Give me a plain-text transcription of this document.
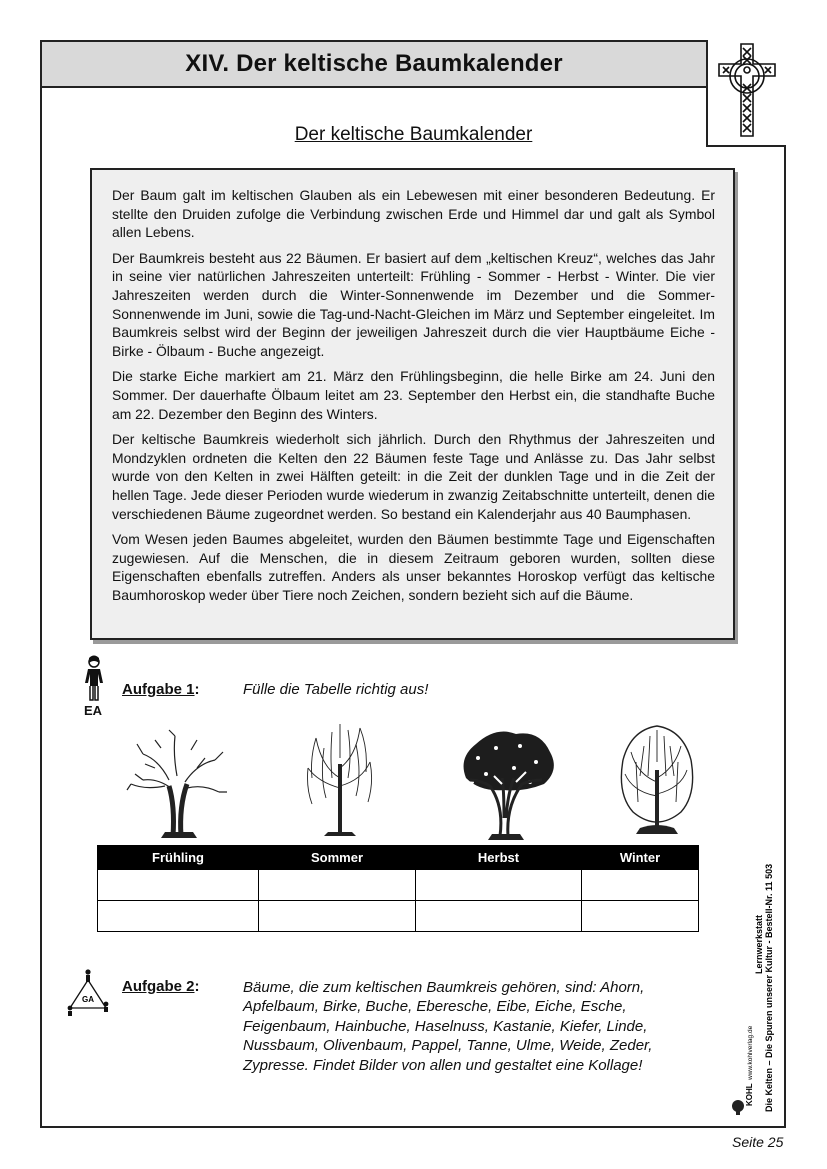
XIV. Der keltische Baumkalender
Der keltische Baumkalender

Der Baum galt im keltischen Glauben als ein Lebewesen mit einer besonderen Bedeutung. Er stellte den Druiden zufolge die Verbindung zwischen Erde und Himmel dar und galt als Symbol allen Lebens.

Der Baumkreis besteht aus 22 Bäumen. Er basiert auf dem „keltischen Kreuz“, welches das Jahr in seine vier natürlichen Jahreszeiten unterteilt: Frühling - Sommer - Herbst - Winter. Die vier Jahreszeiten werden durch die Winter-Sonnenwende im Dezember und die Sommer-Sonnenwende im Juni, sowie die Tag-und-Nacht-Gleichen im März und September eingeleitet. Im Baumkreis selbst wird der Beginn der jeweiligen Jahreszeit durch die vier Hauptbäume Eiche - Birke - Ölbaum - Buche angezeigt.

Die starke Eiche markiert am 21. März den Frühlingsbeginn, die helle Birke am 24. Juni den Sommer. Der dauerhafte Ölbaum leitet am 23. September den Herbst ein, die standhafte Buche am 22. Dezember den Beginn des Winters.

Der keltische Baumkreis wiederholt sich jährlich. Durch den Rhythmus der Jahreszeiten und Mondzyklen ordneten die Kelten den 22 Bäumen feste Tage und Anlässe zu. Das Jahr selbst wurde von den Kelten in zwei Hälften geteilt: in die Zeit der dunklen Tage und in die Zeit der hellen Tage. Jede dieser Perioden wurde wiederum in zwanzig Zeitabschnitte unterteilt, denen die verschiedenen Bäume zugeordnet werden. So bestand ein Kalenderjahr aus 40 Baumphasen.

Vom Wesen jeden Baumes abgeleitet, wurden den Bäumen bestimmte Tage und Eigenschaften zugewiesen. Auf die Menschen, die in diesem Zeitraum geboren wurden, sollten diese Eigenschaften ebenfalls zutreffen. Anders als unser bekanntes Horoskop verfügt das keltische Baumhoroskop weder über Tiere noch Zeichen, sondern bezieht sich auf die Bäume.

EA
Aufgabe 1:	Fülle die Tabelle richtig aus!
Frühling	Sommer	Herbst	Winter

GA
Aufgabe 2:	Bäume, die zum keltischen Baumkreis gehören, sind: Ahorn, Apfelbaum, Birke, Buche, Eberesche, Eibe, Eiche, Esche, Feigenbaum, Hainbuche, Haselnuss, Kastanie, Kiefer, Linde, Nussbaum, Olivenbaum, Pappel, Tanne, Ulme, Weide, Zeder, Zypresse. Findet Bilder von allen und gestaltet eine Kollage!
Lernwerkstatt Die Kelten – Die Spuren unserer Kultur - Bestell-Nr. 11 503
KOHL
www.kohlverlag.de
Seite 25
